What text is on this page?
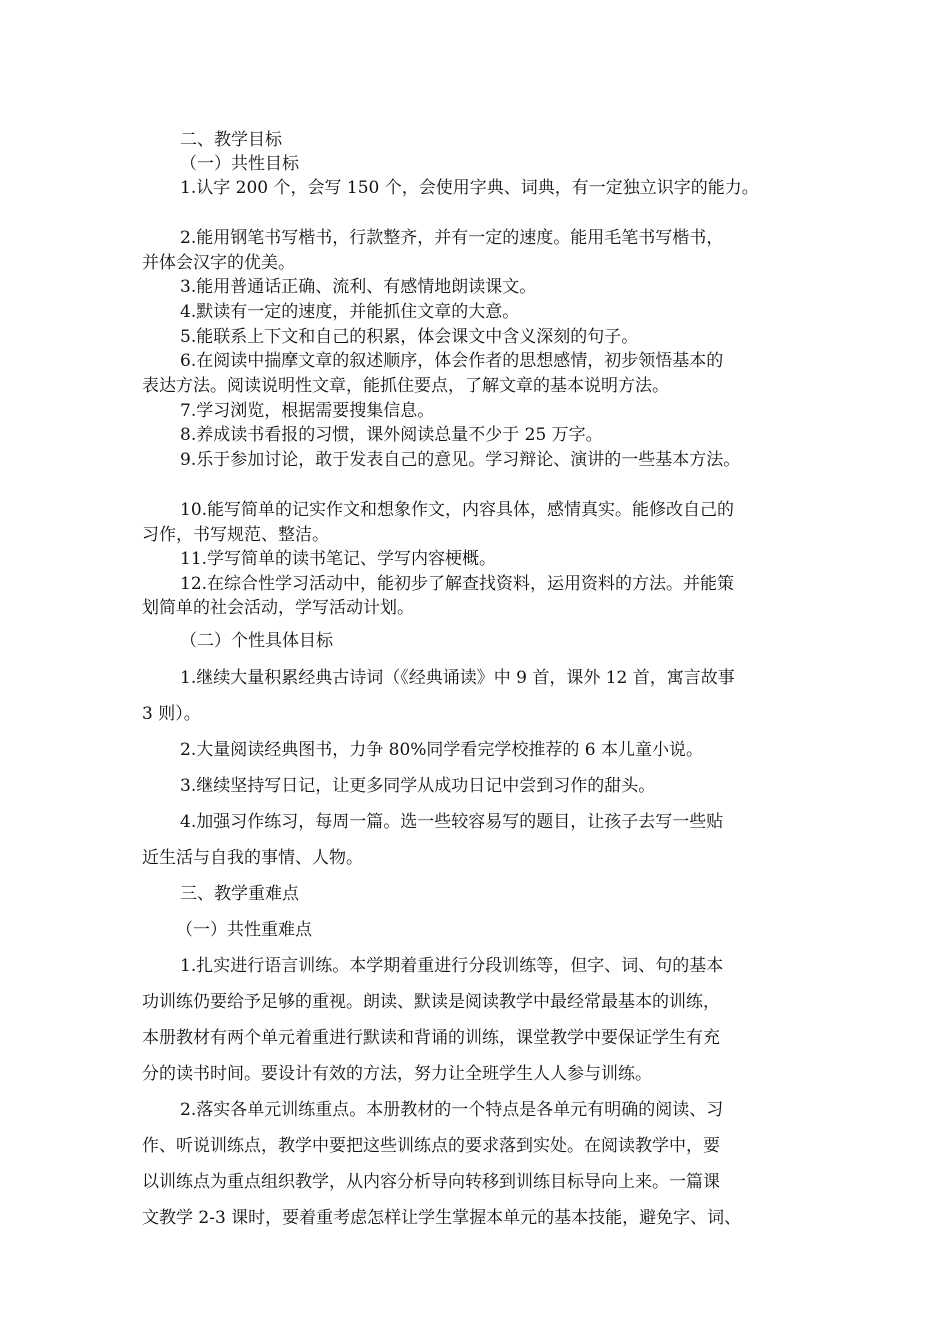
二、教学目标
（一）共性目标
1.认字 200 个，会写 150 个，会使用字典、词典，有一定独立识字的能力。
2.能用钢笔书写楷书，行款整齐，并有一定的速度。能用毛笔书写楷书，
并体会汉字的优美。
3.能用普通话正确、流利、有感情地朗读课文。
4.默读有一定的速度，并能抓住文章的大意。
5.能联系上下文和自己的积累，体会课文中含义深刻的句子。
6.在阅读中揣摩文章的叙述顺序，体会作者的思想感情，初步领悟基本的
表达方法。阅读说明性文章，能抓住要点，了解文章的基本说明方法。
7.学习浏览，根据需要搜集信息。
8.养成读书看报的习惯，课外阅读总量不少于 25 万字。
9.乐于参加讨论，敢于发表自己的意见。学习辩论、演讲的一些基本方法。
10.能写简单的记实作文和想象作文，内容具体，感情真实。能修改自己的
习作，书写规范、整洁。
11.学写简单的读书笔记、学写内容梗概。
12.在综合性学习活动中，能初步了解查找资料，运用资料的方法。并能策
划简单的社会活动，学写活动计划。
（二）个性具体目标
1.继续大量积累经典古诗词（《经典诵读》中 9 首，课外 12 首，寓言故事
3 则）。
2.大量阅读经典图书，力争 80%同学看完学校推荐的 6 本儿童小说。
3.继续坚持写日记，让更多同学从成功日记中尝到习作的甜头。
4.加强习作练习，每周一篇。选一些较容易写的题目，让孩子去写一些贴
近生活与自我的事情、人物。
三、教学重难点
（一）共性重难点
1.扎实进行语言训练。本学期着重进行分段训练等，但字、词、句的基本
功训练仍要给予足够的重视。朗读、默读是阅读教学中最经常最基本的训练，
本册教材有两个单元着重进行默读和背诵的训练，课堂教学中要保证学生有充
分的读书时间。要设计有效的方法，努力让全班学生人人参与训练。
2.落实各单元训练重点。本册教材的一个特点是各单元有明确的阅读、习
作、听说训练点，教学中要把这些训练点的要求落到实处。在阅读教学中，要
以训练点为重点组织教学，从内容分析导向转移到训练目标导向上来。一篇课
文教学 2-3 课时，要着重考虑怎样让学生掌握本单元的基本技能，避免字、词、
